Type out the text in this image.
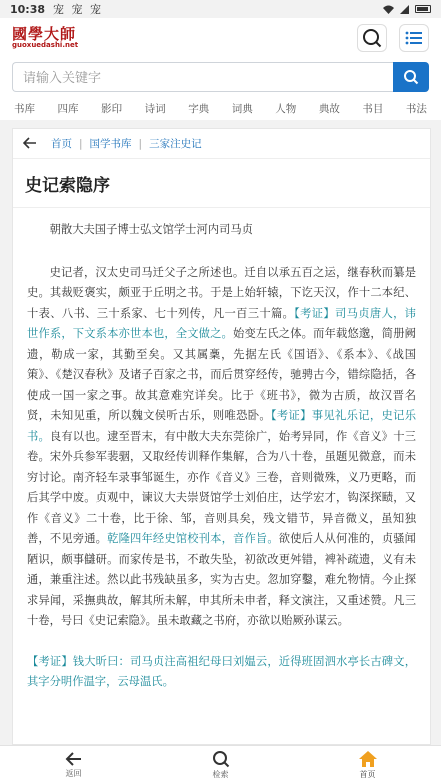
10:38 宠 宠 宠
國學大師
guoxuedashi.net
请输入关键字
书库 四库 影印 诗词 字典 词典 人物 典故 书目 书法
首页 | 国学书库 | 三家注史记
史记索隐序

朝散大夫国子博士弘文馆学士河内司马贞

史记者，汉太史司马迁父子之所述也。迁自以承五百之运，继春秋而纂是史。其裁贬褒实，颇亚于丘明之书。于是上始轩辕，下讫天汉，作十二本纪、十表、八书、三十系家、七十列传，凡一百三十篇。【考证】司马贞唐人，讳世作系，下文系本亦世本也，全文做之。始变左氏之体。而年载悠邈，简册阙遗，勒成一家，其勤至矣。又其属稾，先据左氏《国语》、《系本》、《战国策》、《楚汉春秋》及诸子百家之书，而后贯穿经传，驰骋古今，错综隐括，各使成一国一家之事。故其意难究详矣。比于《班书》，微为古质，故汉晋名贤，未知见重，所以魏文侯听古乐，则唯恐卧。【考证】事见礼乐记，史记乐书。良有以也。逮至晋末，有中散大夫东莞徐广，始考异同，作《音义》十三卷。宋外兵参军裴骃，又取经传训释作集解，合为八十卷，虽题见微意，而未穷讨论。南齐轻车录事邹诞生，亦作《音义》三卷，音则微殊，义乃更略，而后其学中废。贞观中，谏议大夫崇贤馆学士刘伯庄，达学宏才，钩深探赜，又作《音义》二十卷，比于徐、邹，音则具矣，残文错节，异音微义，虽知独善，不见旁通。乾隆四年经史馆校刊本，音作旨。欲使后人从何准的，贞骚闻陋识，颇事讎研。而家传是书，不敢失坠，初欲改更舛错，裨补疏遗，义有未通，兼重注述。然以此书残缺虽多，实为古史。忽加穿鑿，难允物情。今止探求异闻，采撫典故，解其所未解，申其所未申者，释文演注，又重述赞。凡三十卷，号曰《史记索隐》。虽未敢藏之书府，亦欲以贻厥孙谋云。

【考证】钱大昕曰：司马贞注高祖纪母曰刘媪云，近得班固泗水亭长古碑文，其字分明作温字，云母温氏。

返回	检索	首页
